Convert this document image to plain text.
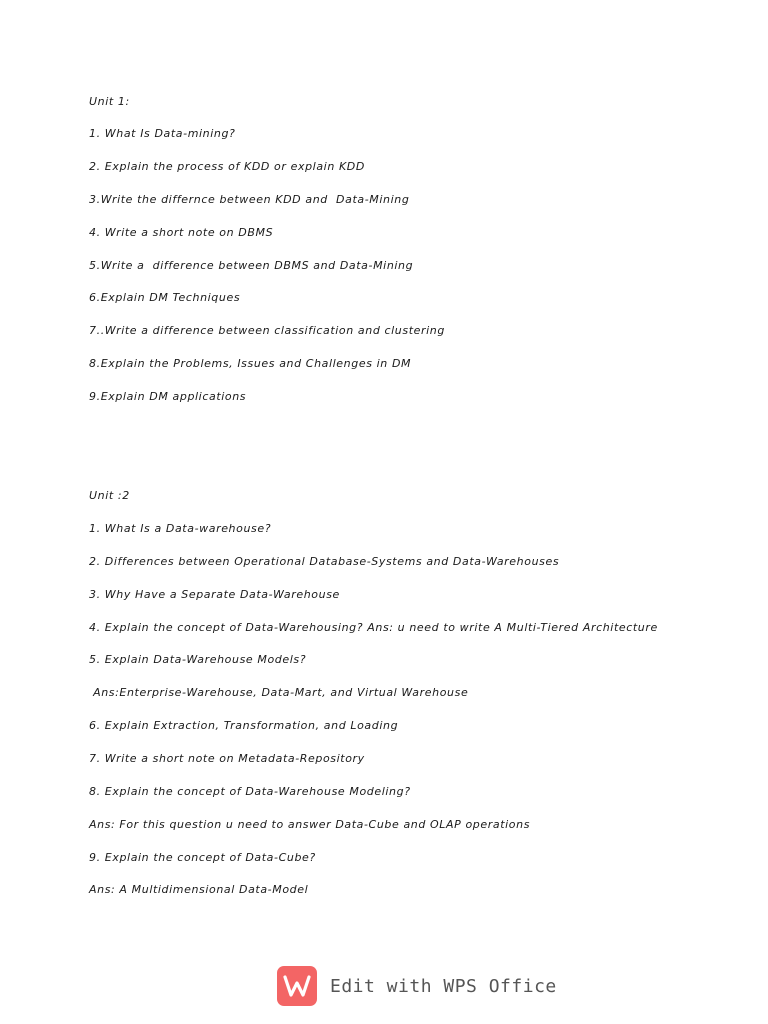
Unit 1:
1. What Is Data-mining?
2. Explain the process of KDD or explain KDD
3.Write the differnce between KDD and  Data-Mining
4. Write a short note on DBMS
5.Write a  difference between DBMS and Data-Mining
6.Explain DM Techniques
7..Write a difference between classification and clustering
8.Explain the Problems, Issues and Challenges in DM
9.Explain DM applications
Unit :2
1. What Is a Data-warehouse?
2. Differences between Operational Database-Systems and Data-Warehouses
3. Why Have a Separate Data-Warehouse
4. Explain the concept of Data-Warehousing? Ans: u need to write A Multi-Tiered Architecture
5. Explain Data-Warehouse Models?
Ans:Enterprise-Warehouse, Data-Mart, and Virtual Warehouse
6. Explain Extraction, Transformation, and Loading
7. Write a short note on Metadata-Repository
8. Explain the concept of Data-Warehouse Modeling?
Ans: For this question u need to answer Data-Cube and OLAP operations
9. Explain the concept of Data-Cube?
Ans: A Multidimensional Data-Model
Edit with WPS Office
